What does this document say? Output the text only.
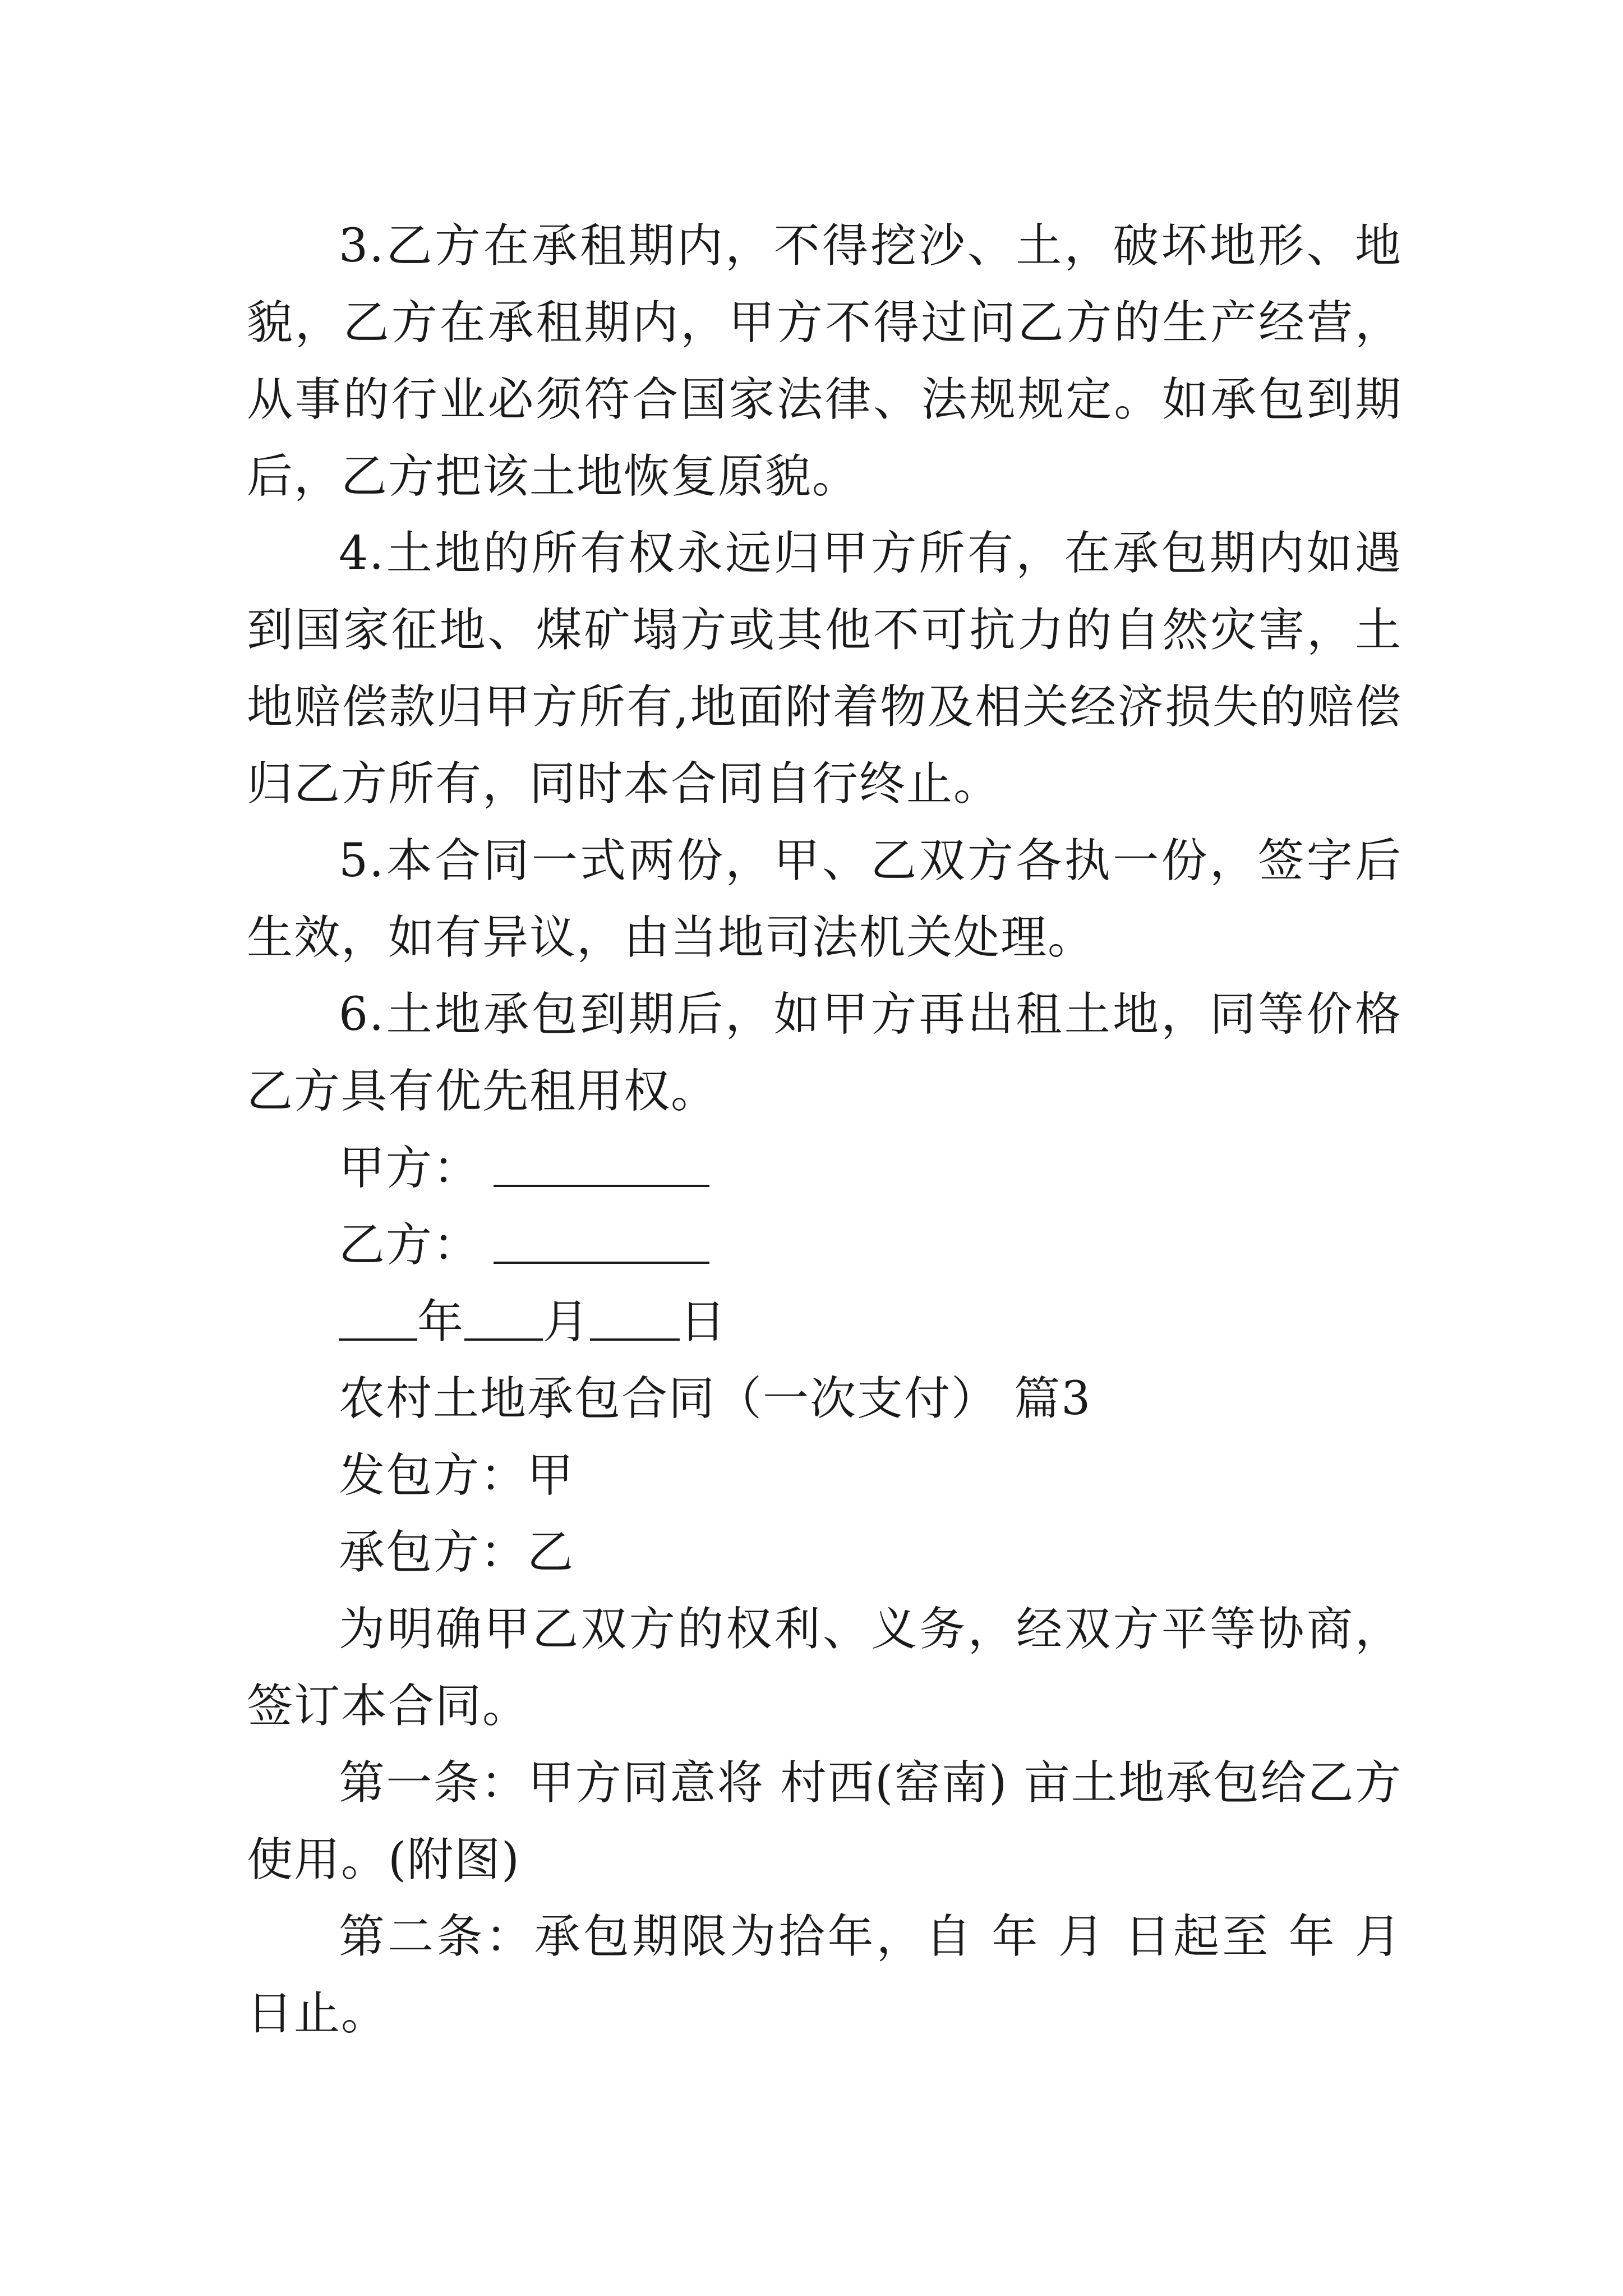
3.乙方在承租期内，不得挖沙、土，破坏地形、地貌，乙方在承租期内，甲方不得过问乙方的生产经营，从事的行业必须符合国家法律、法规规定。如承包到期后，乙方把该土地恢复原貌。

4.土地的所有权永远归甲方所有，在承包期内如遇到国家征地、煤矿塌方或其他不可抗力的自然灾害，土地赔偿款归甲方所有,地面附着物及相关经济损失的赔偿归乙方所有，同时本合同自行终止。

5.本合同一式两份，甲、乙双方各执一份，签字后生效，如有异议，由当地司法机关处理。

6.土地承包到期后，如甲方再出租土地，同等价格乙方具有优先租用权。

甲方：

乙方：

年 月 日

农村土地承包合同（一次支付） 篇3

发包方：甲

承包方：乙

为明确甲乙双方的权利、义务，经双方平等协商，签订本合同。

第一条：甲方同意将 村西(窑南) 亩土地承包给乙方使用。(附图)

第二条：承包期限为拾年，自 年 月 日起至 年 月 日止。
